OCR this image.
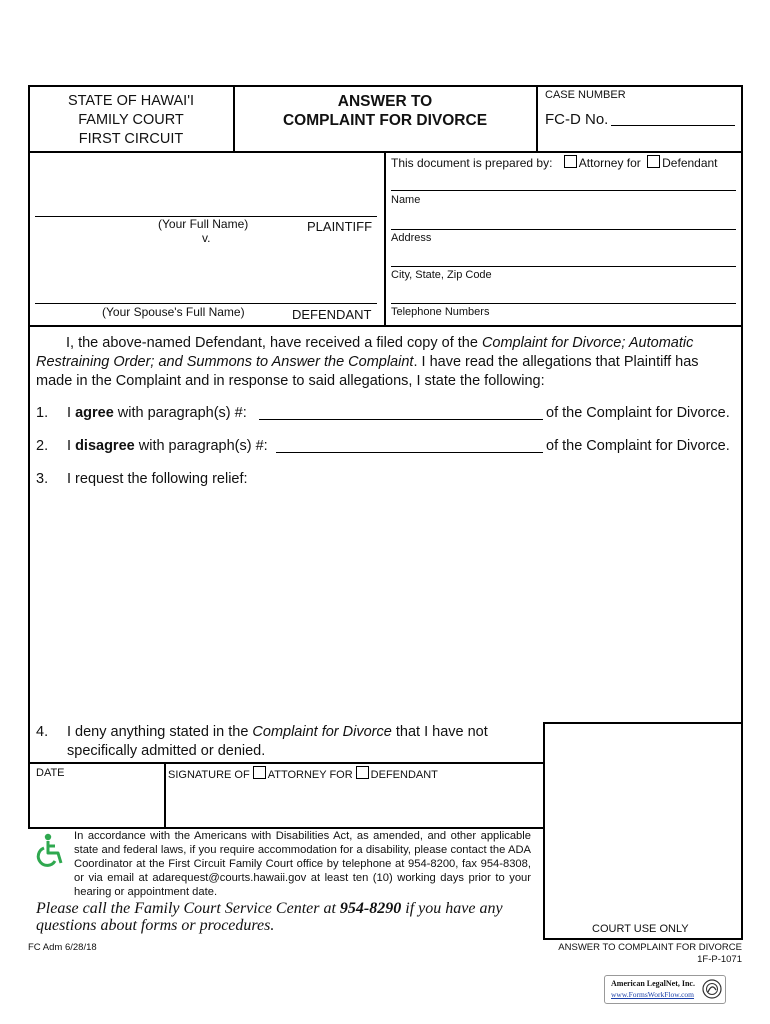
STATE OF HAWAI'I
FAMILY COURT
FIRST CIRCUIT
ANSWER TO
COMPLAINT FOR DIVORCE
CASE NUMBER
FC-D No.
(Your Full Name)	PLAINTIFF
v.
(Your Spouse's Full Name)	DEFENDANT
This document is prepared by: Attorney for Defendant
Name
Address
City, State, Zip Code
Telephone Numbers
I, the above-named Defendant, have received a filed copy of the Complaint for Divorce; Automatic Restraining Order; and Summons to Answer the Complaint. I have read the allegations that Plaintiff has made in the Complaint and in response to said allegations, I state the following:
1. I agree with paragraph(s) #:	of the Complaint for Divorce.
2. I disagree with paragraph(s) #:	of the Complaint for Divorce.
3. I request the following relief:
4. I deny anything stated in the Complaint for Divorce that I have not specifically admitted or denied.
COURT USE ONLY
DATE	SIGNATURE OF ATTORNEY FOR DEFENDANT
In accordance with the Americans with Disabilities Act, as amended, and other applicable state and federal laws, if you require accommodation for a disability, please contact the ADA Coordinator at the First Circuit Family Court office by telephone at 954-8200, fax 954-8308, or via email at adarequest@courts.hawaii.gov at least ten (10) working days prior to your hearing or appointment date.
Please call the Family Court Service Center at 954-8290 if you have any questions about forms or procedures.
FC Adm 6/28/18	ANSWER TO COMPLAINT FOR DIVORCE
1F-P-1071
American LegalNet, Inc.
www.FormsWorkFlow.com
